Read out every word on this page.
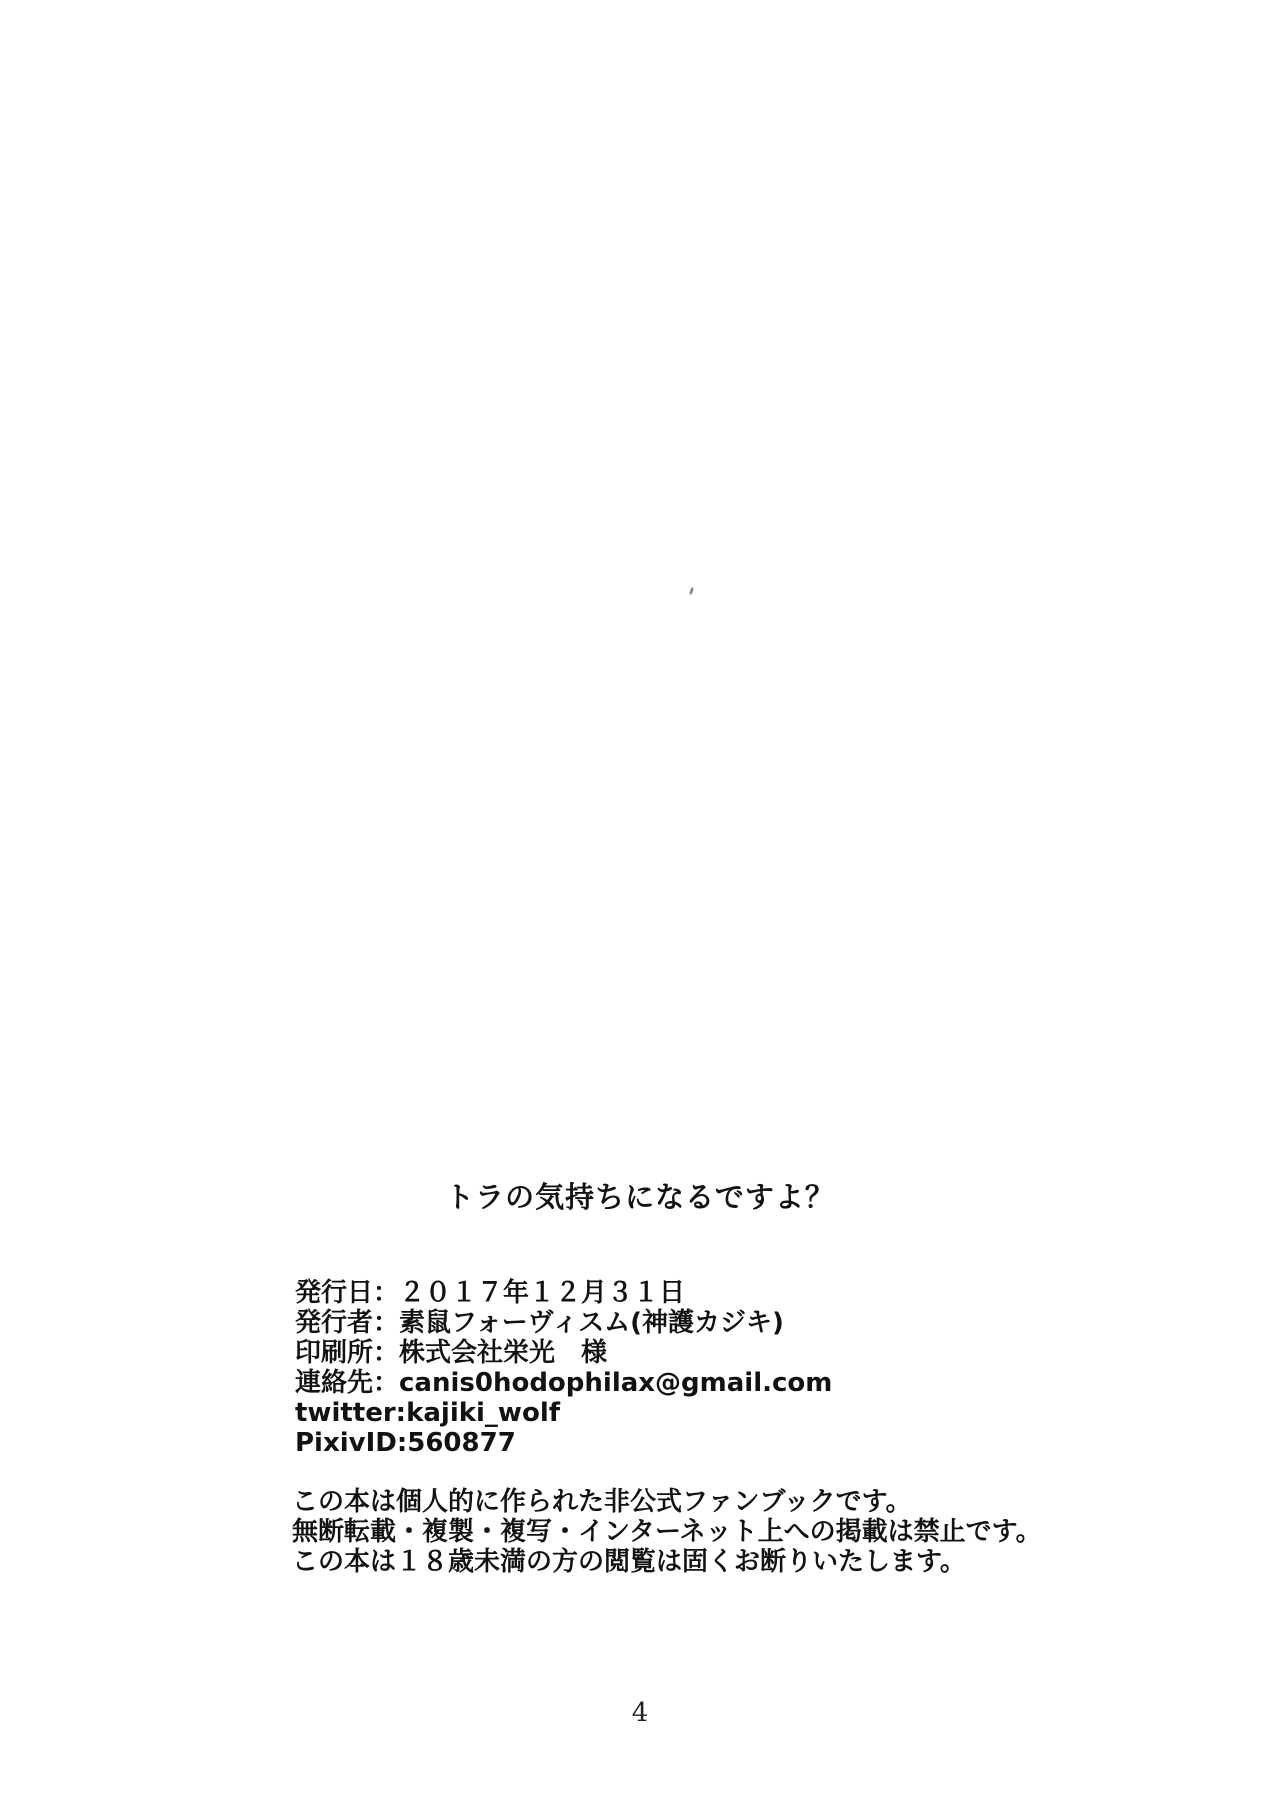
トラの気持ちになるですよ？
発行日：２０１７年１２月３１日
発行者：素鼠フォーヴィスム(神護カジキ)
印刷所：株式会社栄光　様
連絡先：canis0hodophilax@gmail.com
twitter:kajiki_wolf
PixivID:560877
この本は個人的に作られた非公式ファンブックです。
無断転載・複製・複写・インターネット上への掲載は禁止です。
この本は１８歳未満の方の閲覧は固くお断りいたします。
4
